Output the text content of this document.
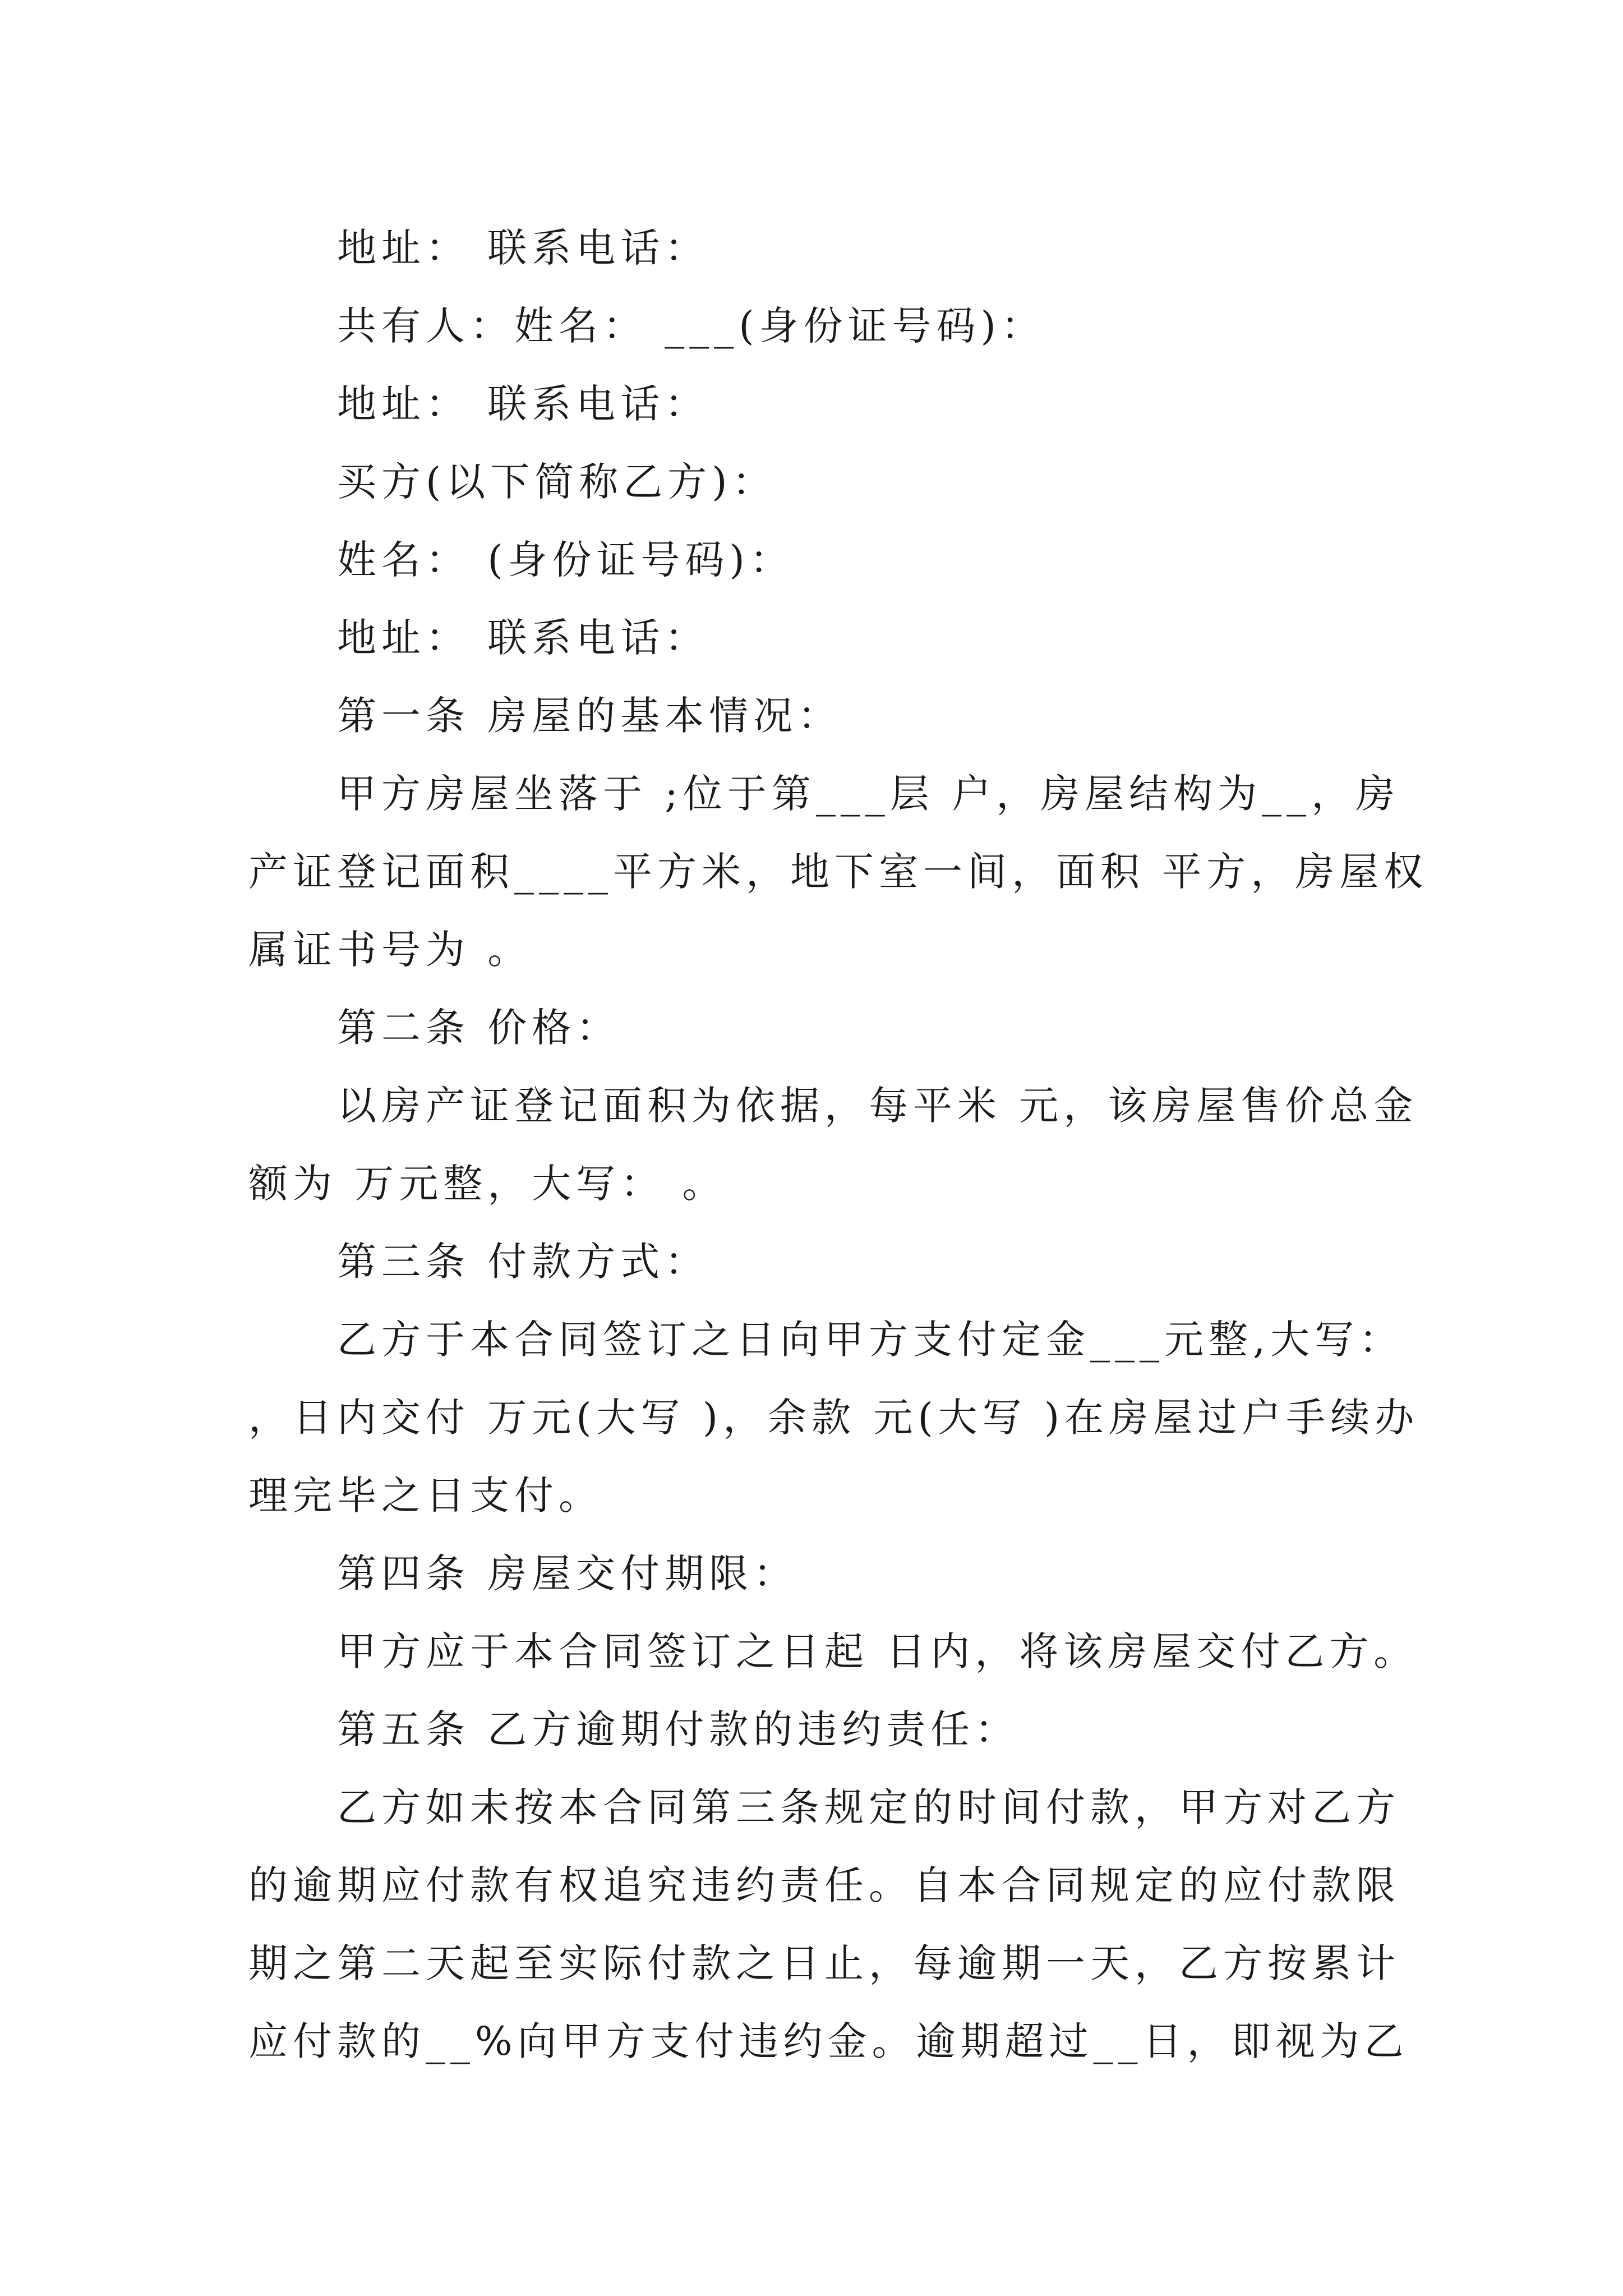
地址： 联系电话：

共有人：姓名： ___(身份证号码)：

地址： 联系电话：

买方(以下简称乙方)：

姓名： (身份证号码)：

地址： 联系电话：

第一条 房屋的基本情况：

甲方房屋坐落于 ;位于第___层 户，房屋结构为__，房产证登记面积____平方米，地下室一间，面积 平方，房屋权属证书号为 。

第二条 价格：

以房产证登记面积为依据，每平米 元，该房屋售价总金额为 万元整，大写： 。

第三条 付款方式：

乙方于本合同签订之日向甲方支付定金___元整,大写： ，日内交付 万元(大写 )，余款 元(大写 )在房屋过户手续办理完毕之日支付。

第四条 房屋交付期限：

甲方应于本合同签订之日起 日内，将该房屋交付乙方。

第五条 乙方逾期付款的违约责任：

乙方如未按本合同第三条规定的时间付款，甲方对乙方的逾期应付款有权追究违约责任。自本合同规定的应付款限期之第二天起至实际付款之日止，每逾期一天，乙方按累计应付款的__%向甲方支付违约金。逾期超过__日，即视为乙
